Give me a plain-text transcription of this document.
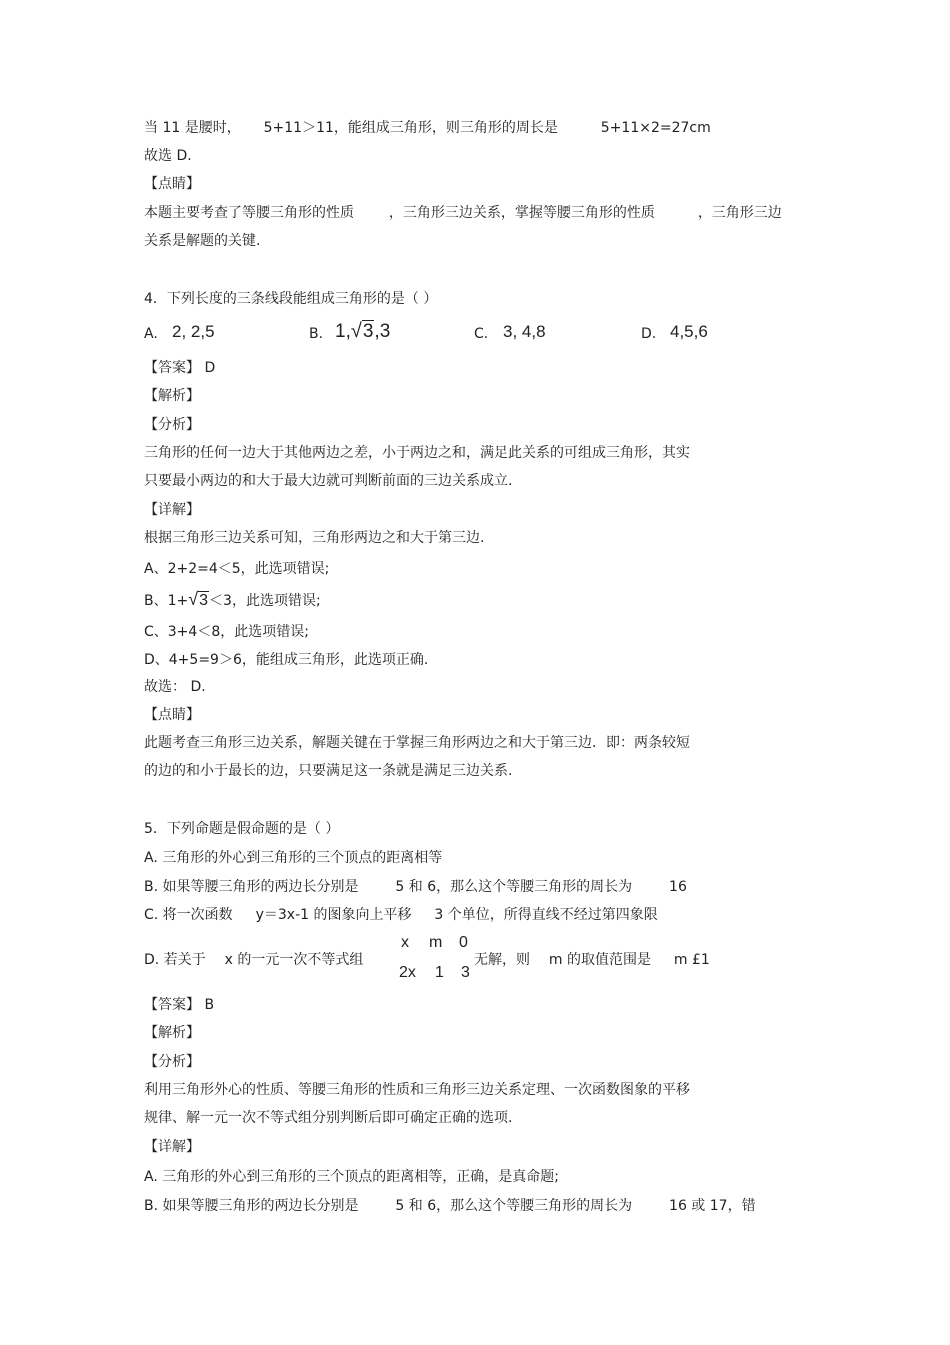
当 11 是腰时， 5+11＞11，能组成三角形，则三角形的周长是	5+11×2=27cm
故选 D.
【点睛】
本题主要考查了等腰三角形的性质 ，三角形三边关系，掌握等腰三角形的性质	，三角形三边
关系是解题的关键.
4．下列长度的三条线段能组成三角形的是（ ）
A. 2, 2,5	B. 1,√3,3	C. 3, 4,8	D. 4,5,6
【答案】 D
【解析】
【分析】
三角形的任何一边大于其他两边之差，小于两边之和，满足此关系的可组成三角形，其实
只要最小两边的和大于最大边就可判断前面的三边关系成立.
【详解】
根据三角形三边关系可知，三角形两边之和大于第三边.
A、2+2=4＜5，此选项错误;
B、1+√3＜3，此选项错误;
C、3+4＜8，此选项错误;
D、4+5=9＞6，能组成三角形，此选项正确.
故选： D.
【点睛】
此题考查三角形三边关系，解题关键在于掌握三角形两边之和大于第三边．即：两条较短
的边的和小于最长的边，只要满足这一条就是满足三边关系.
5．下列命题是假命题的是（ ）
A. 三角形的外心到三角形的三个顶点的距离相等
B. 如果等腰三角形的两边长分别是	5 和 6，那么这个等腰三角形的周长为	16
C. 将一次函数 y＝3x-1 的图象向上平移 3 个单位，所得直线不经过第四象限
D. 若关于 x 的一元一次不等式组
x m 0
2x 1 3
无解，则 m 的取值范围是 m £1
【答案】 B
【解析】
【分析】
利用三角形外心的性质、等腰三角形的性质和三角形三边关系定理、一次函数图象的平移
规律、解一元一次不等式组分别判断后即可确定正确的选项.
【详解】
A. 三角形的外心到三角形的三个顶点的距离相等，正确，是真命题;
B. 如果等腰三角形的两边长分别是	5 和 6，那么这个等腰三角形的周长为	16 或 17，错
